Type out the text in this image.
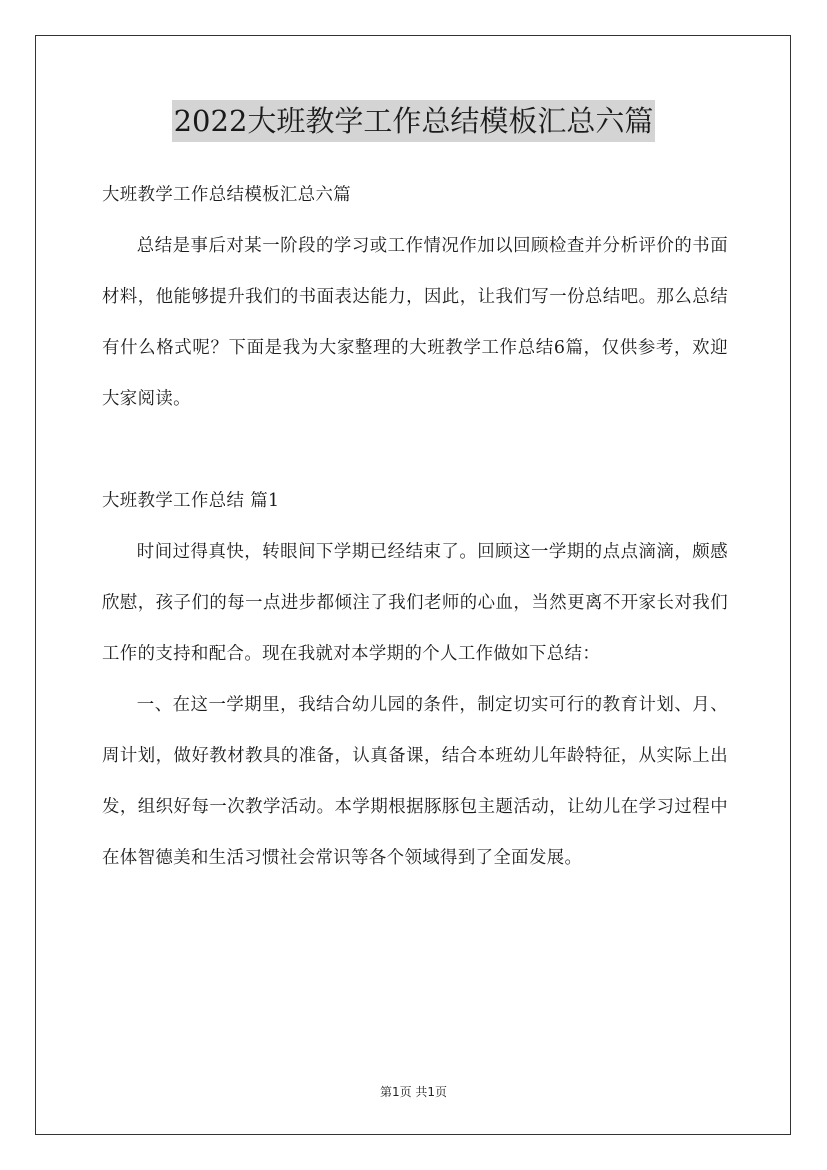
2022大班教学工作总结模板汇总六篇

大班教学工作总结模板汇总六篇

总结是事后对某一阶段的学习或工作情况作加以回顾检查并分析评价的书面材料，他能够提升我们的书面表达能力，因此，让我们写一份总结吧。那么总结有什么格式呢？下面是我为大家整理的大班教学工作总结6篇，仅供参考，欢迎大家阅读。

大班教学工作总结 篇1

时间过得真快，转眼间下学期已经结束了。回顾这一学期的点点滴滴，颇感欣慰，孩子们的每一点进步都倾注了我们老师的心血，当然更离不开家长对我们工作的支持和配合。现在我就对本学期的个人工作做如下总结：

一、在这一学期里，我结合幼儿园的条件，制定切实可行的教育计划、月、周计划，做好教材教具的准备，认真备课，结合本班幼儿年龄特征，从实际上出发，组织好每一次教学活动。本学期根据豚豚包主题活动，让幼儿在学习过程中在体智德美和生活习惯社会常识等各个领域得到了全面发展。

第1页 共1页
